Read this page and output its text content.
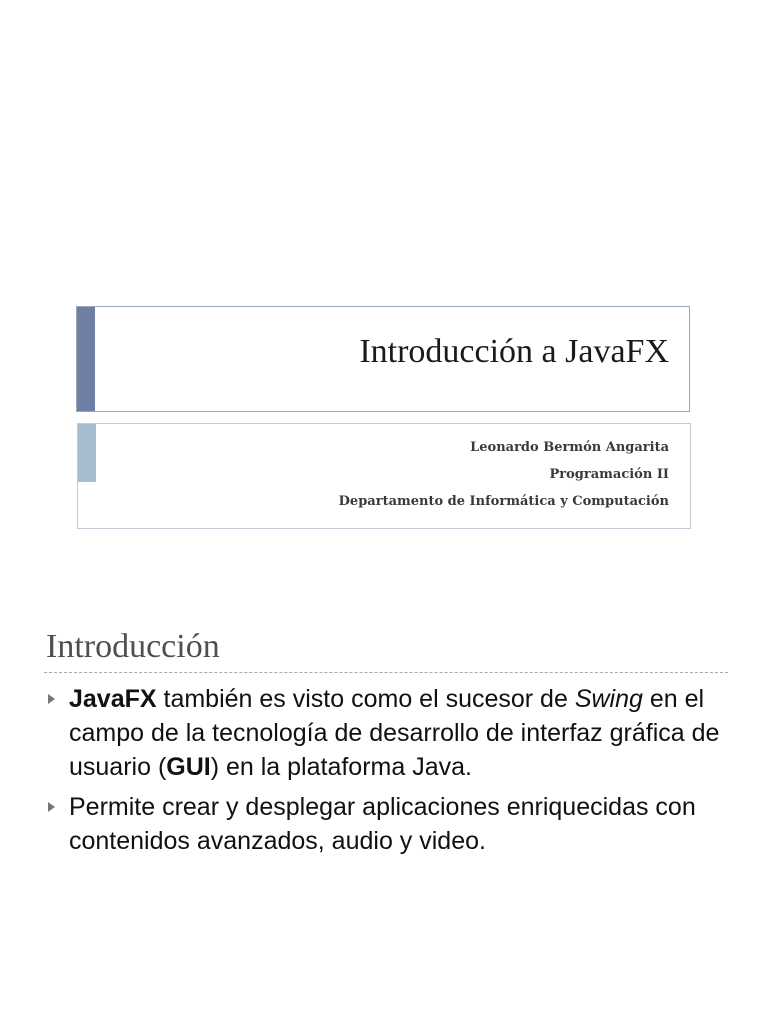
Introducción a JavaFX
Leonardo Bermón Angarita
Programación II
Departamento de Informática y Computación
Introducción
JavaFX también es visto como el sucesor de Swing en el campo de la tecnología de desarrollo de interfaz gráfica de usuario (GUI) en la plataforma Java.
Permite crear y desplegar aplicaciones enriquecidas con contenidos avanzados, audio y video.
